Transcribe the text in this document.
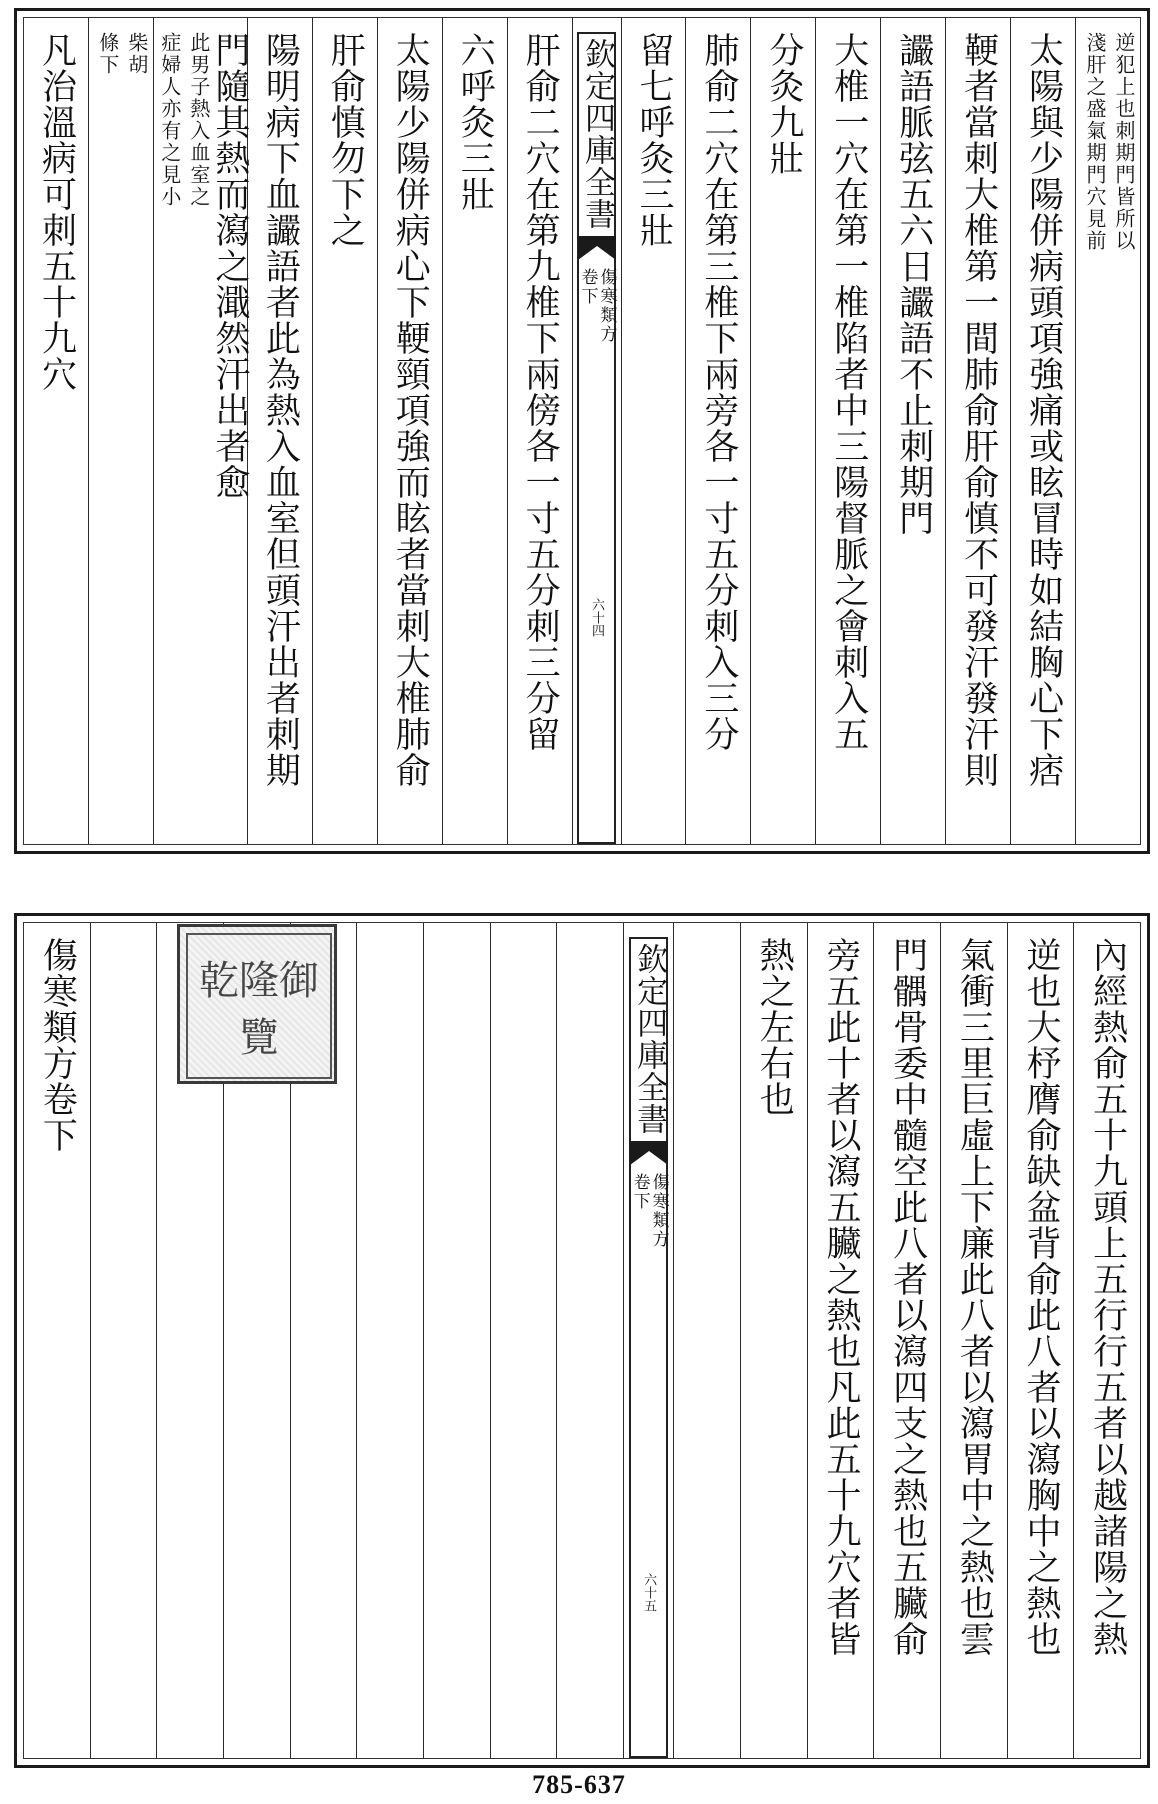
逆犯上也刺期門皆所以
淺肝之盛氣期門穴見前
太陽與少陽併病頭項強痛或眩冒時如結胸心下痞
鞕者當刺大椎第一間肺俞肝俞慎不可發汗發汗則
讝語脈弦五六日讝語不止刺期門
大椎一穴在第一椎陷者中三陽督脈之會刺入五
分灸九壯
肺俞二穴在第三椎下兩旁各一寸五分刺入三分
留七呼灸三壯
欽定四庫全書
傷寒類方
卷下
六十四
肝俞二穴在第九椎下兩傍各一寸五分刺三分留
六呼灸三壯
太陽少陽併病心下鞕頸項強而眩者當刺大椎肺俞
肝俞慎勿下之
陽明病下血讝語者此為熱入血室但頭汗出者刺期
門隨其熱而瀉之濈然汗出者愈
此男子熱入血室之
症婦人亦有之見小
柴胡
條下
凡治溫病可刺五十九穴
內經熱俞五十九頭上五行行五者以越諸陽之熱
逆也大杼膺俞缺盆背俞此八者以瀉胸中之熱也
氣衝三里巨虛上下廉此八者以瀉胃中之熱也雲
門髃骨委中髓空此八者以瀉四支之熱也五臟俞
旁五此十者以瀉五臟之熱也凡此五十九穴者皆
熱之左右也
欽定四庫全書
傷寒類方
卷下
六十五
傷寒類方卷下	乾 隆 御
覽
785-637
